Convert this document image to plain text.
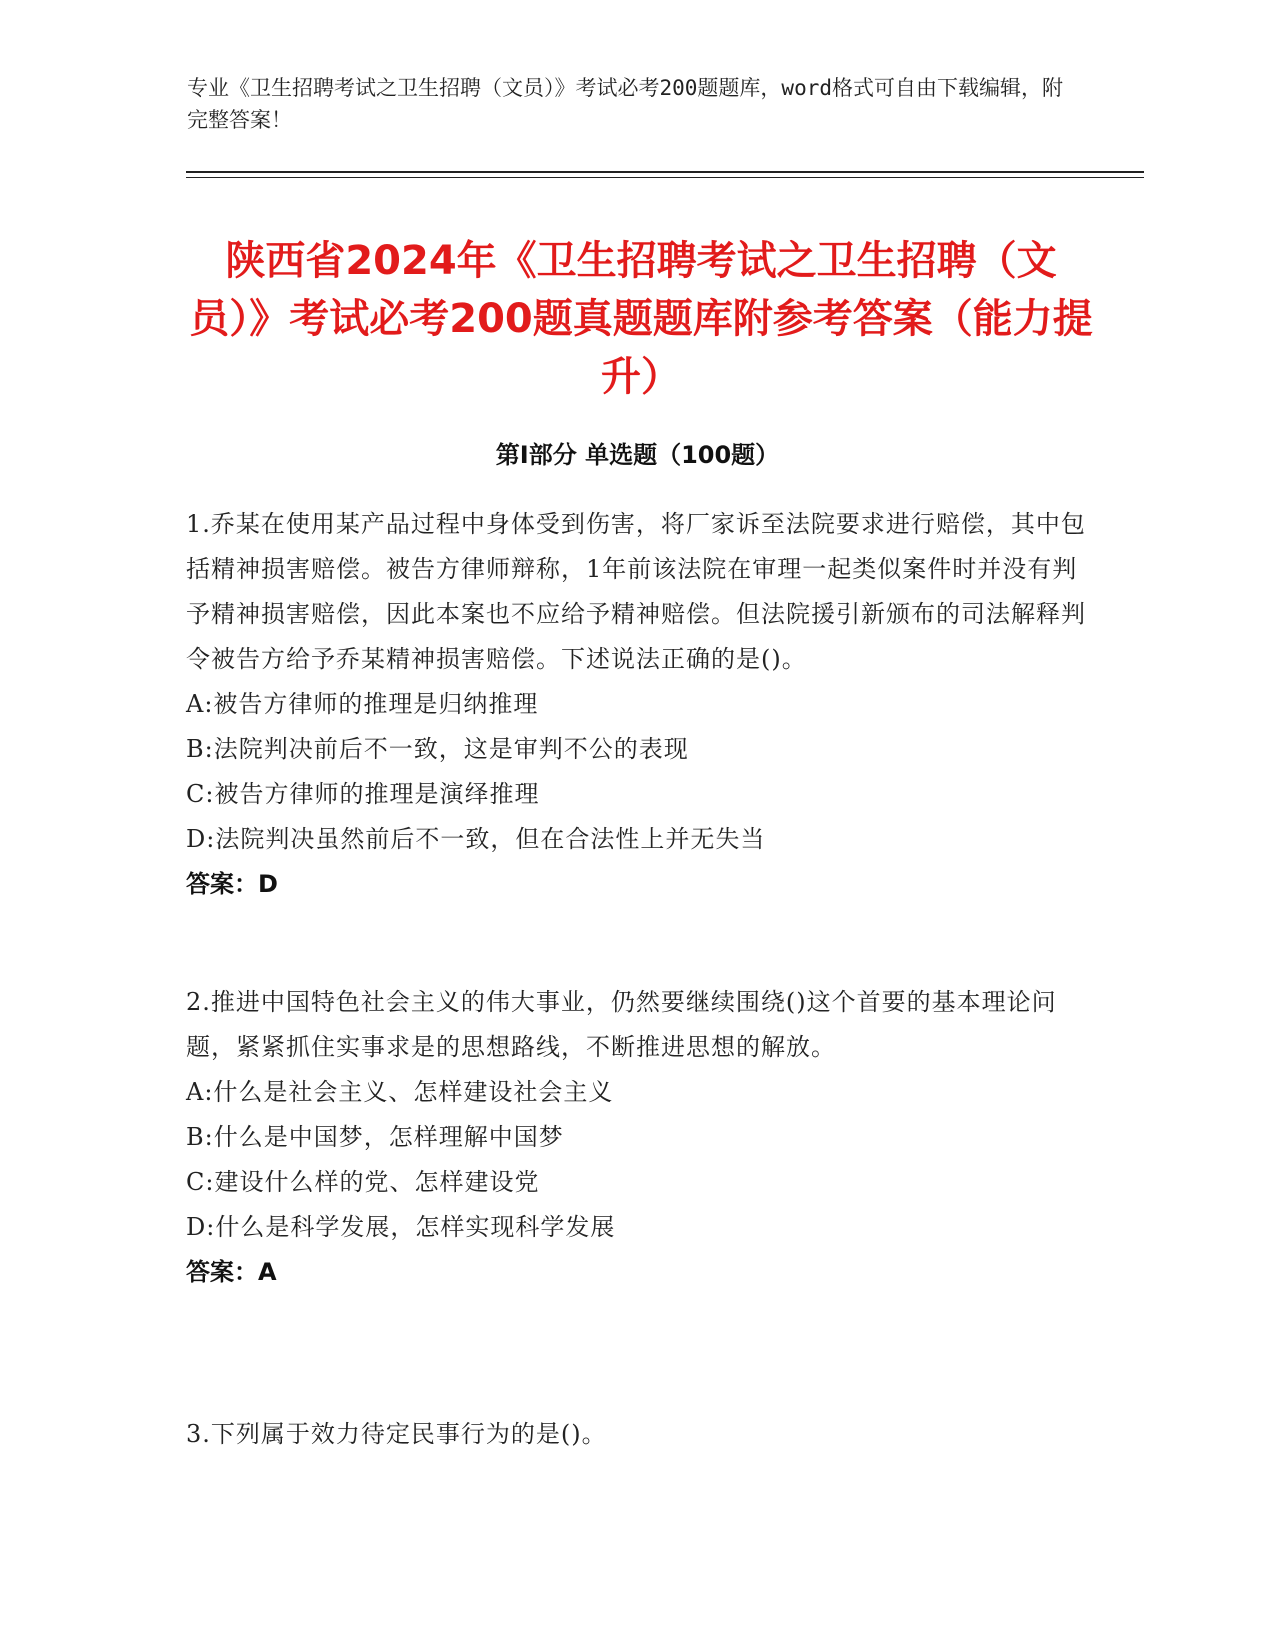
专业《卫生招聘考试之卫生招聘（文员）》考试必考200题题库，word格式可自由下载编辑，附完整答案！
陕西省2024年《卫生招聘考试之卫生招聘（文员）》考试必考200题真题题库附参考答案（能力提升）
第Ⅰ部分 单选题（100题）

1.乔某在使用某产品过程中身体受到伤害，将厂家诉至法院要求进行赔偿，其中包括精神损害赔偿。被告方律师辩称，1年前该法院在审理一起类似案件时并没有判予精神损害赔偿，因此本案也不应给予精神赔偿。但法院援引新颁布的司法解释判令被告方给予乔某精神损害赔偿。下述说法正确的是()。

A:被告方律师的推理是归纳推理

B:法院判决前后不一致，这是审判不公的表现

C:被告方律师的推理是演绎推理

D:法院判决虽然前后不一致，但在合法性上并无失当

答案：D

2.推进中国特色社会主义的伟大事业，仍然要继续围绕()这个首要的基本理论问题，紧紧抓住实事求是的思想路线，不断推进思想的解放。

A:什么是社会主义、怎样建设社会主义

B:什么是中国梦，怎样理解中国梦

C:建设什么样的党、怎样建设党

D:什么是科学发展，怎样实现科学发展

答案：A

3.下列属于效力待定民事行为的是()。
